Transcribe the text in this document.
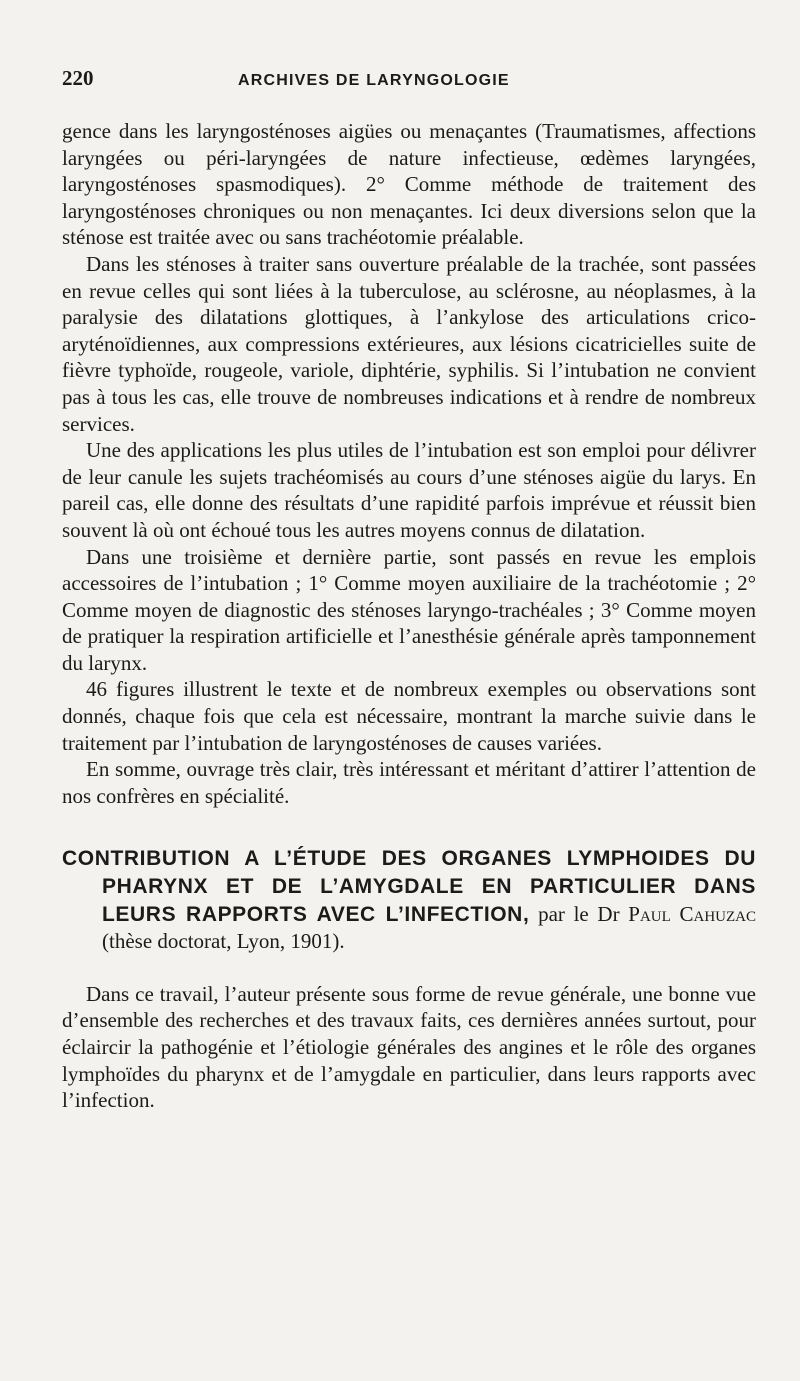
220	ARCHIVES DE LARYNGOLOGIE

gence dans les laryngosténoses aigües ou menaçantes (Traumatismes, affections laryngées ou péri-laryngées de nature infectieuse, œdèmes laryngées, laryngosténoses spasmodiques). 2° Comme méthode de traitement des laryngosténoses chroniques ou non menaçantes. Ici deux diversions selon que la sténose est traitée avec ou sans trachéotomie préalable.

Dans les sténoses à traiter sans ouverture préalable de la trachée, sont passées en revue celles qui sont liées à la tuberculose, au sclérosne, au néoplasmes, à la paralysie des dilatations glottiques, à l’ankylose des articulations crico-aryténoïdiennes, aux compressions extérieures, aux lésions cicatricielles suite de fièvre typhoïde, rougeole, variole, diphtérie, syphilis. Si l’intubation ne convient pas à tous les cas, elle trouve de nombreuses indications et à rendre de nombreux services.

Une des applications les plus utiles de l’intubation est son emploi pour délivrer de leur canule les sujets trachéomisés au cours d’une sténoses aigüe du larys. En pareil cas, elle donne des résultats d’une rapidité parfois imprévue et réussit bien souvent là où ont échoué tous les autres moyens connus de dilatation.

Dans une troisième et dernière partie, sont passés en revue les emplois accessoires de l’intubation ; 1° Comme moyen auxiliaire de la trachéotomie ; 2° Comme moyen de diagnostic des sténoses laryngo-trachéales ; 3° Comme moyen de pratiquer la respiration artificielle et l’anesthésie générale après tamponnement du larynx.

46 figures illustrent le texte et de nombreux exemples ou observations sont donnés, chaque fois que cela est nécessaire, montrant la marche suivie dans le traitement par l’intubation de laryngosténoses de causes variées.

En somme, ouvrage très clair, très intéressant et méritant d’attirer l’attention de nos confrères en spécialité.

CONTRIBUTION A L’ÉTUDE DES ORGANES LYMPHOIDES DU PHARYNX ET DE L’AMYGDALE EN PARTICULIER DANS LEURS RAPPORTS AVEC L’INFECTION, par le Dr Paul Cahuzac (thèse doctorat, Lyon, 1901).

Dans ce travail, l’auteur présente sous forme de revue générale, une bonne vue d’ensemble des recherches et des travaux faits, ces dernières années surtout, pour éclaircir la pathogénie et l’étiologie générales des angines et le rôle des organes lymphoïdes du pharynx et de l’amygdale en particulier, dans leurs rapports avec l’infection.
